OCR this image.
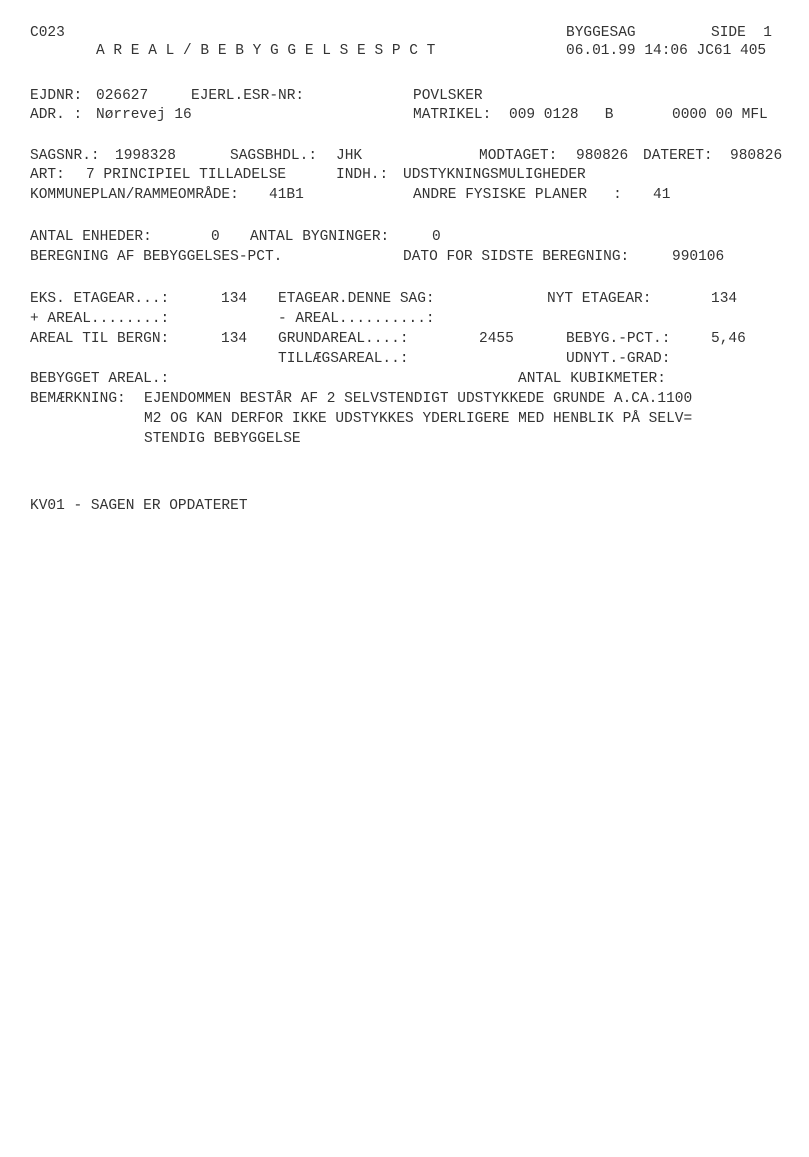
C023	BYGGESAG	SIDE  1
A R E A L / B E B Y G G E L S E S P C T	06.01.99 14:06 JC61 405
EJDNR: 026627	EJERL.ESR-NR:	POVLSKER
ADR. : Nørrevej 16	MATRIKEL: 009 0128   B	0000 00 MFL
SAGSNR.: 1998328	SAGSBHDL.: JHK	MODTAGET: 980826 DATERET: 980826
ART: 7 PRINCIPIEL TILLADELSE	INDH.: UDSTYKNINGSMULIGHEDER
KOMMUNEPLAN/RAMMEOMRÅDE: 41B1	ANDRE FYSISKE PLANER   : 41
ANTAL ENHEDER:	0 ANTAL BYGNINGER:	0
BEREGNING AF BEBYGGELSES-PCT.	DATO FOR SIDSTE BEREGNING:	990106
EKS. ETAGEAR...:	134 ETAGEAR.DENNE SAG:	NYT ETAGEAR:	134
+ AREAL........:	- AREAL..........:
AREAL TIL BERGN:	134 GRUNDAREAL....:	2455	BEBYG.-PCT.:	5,46
TILLÆGSAREAL..:	UDNYT.-GRAD:
BEBYGGET AREAL.:	ANTAL KUBIKMETER:
BEMÆRKNING: EJENDOMMEN BESTÅR AF 2 SELVSTENDIGT UDSTYKKEDE GRUNDE A.CA.1100
M2 OG KAN DERFOR IKKE UDSTYKKES YDERLIGERE MED HENBLIK PÅ SELV=
STENDIG BEBYGGELSE
KV01 - SAGEN ER OPDATERET
